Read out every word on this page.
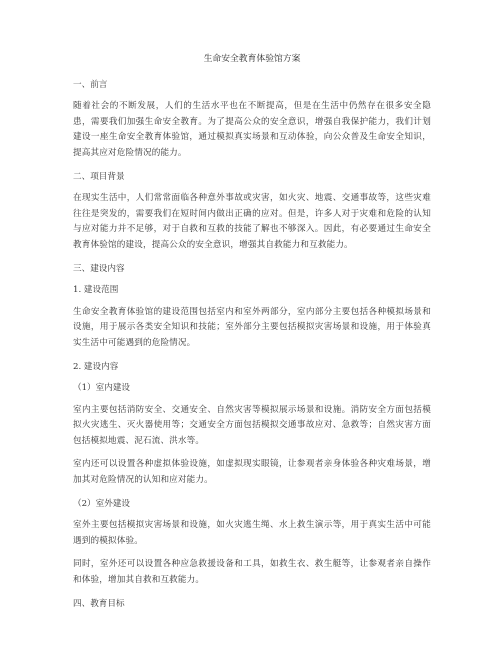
生命安全教育体验馆方案
一、前言

随着社会的不断发展，人们的生活水平也在不断提高，但是在生活中仍然存在很多安全隐患，需要我们加强生命安全教育。为了提高公众的安全意识，增强自我保护能力，我们计划建设一座生命安全教育体验馆，通过模拟真实场景和互动体验，向公众普及生命安全知识，提高其应对危险情况的能力。

二、项目背景

在现实生活中，人们常常面临各种意外事故或灾害，如火灾、地震、交通事故等，这些灾难往往是突发的，需要我们在短时间内做出正确的应对。但是，许多人对于灾难和危险的认知与应对能力并不足够，对于自救和互救的技能了解也不够深入。因此，有必要通过生命安全教育体验馆的建设，提高公众的安全意识，增强其自救能力和互救能力。

三、建设内容
1. 建设范围

生命安全教育体验馆的建设范围包括室内和室外两部分，室内部分主要包括各种模拟场景和设施，用于展示各类安全知识和技能；室外部分主要包括模拟灾害场景和设施，用于体验真实生活中可能遇到的危险情况。

2. 建设内容
（1）室内建设

室内主要包括消防安全、交通安全、自然灾害等模拟展示场景和设施。消防安全方面包括模拟火灾逃生、灭火器使用等；交通安全方面包括模拟交通事故应对、急救等；自然灾害方面包括模拟地震、泥石流、洪水等。

室内还可以设置各种虚拟体验设施，如虚拟现实眼镜，让参观者亲身体验各种灾难场景，增加其对危险情况的认知和应对能力。

（2）室外建设

室外主要包括模拟灾害场景和设施，如火灾逃生绳、水上救生演示等，用于真实生活中可能遇到的模拟体验。

同时，室外还可以设置各种应急救援设备和工具，如救生衣、救生艇等，让参观者亲自操作和体验，增加其自救和互救能力。

四、教育目标
